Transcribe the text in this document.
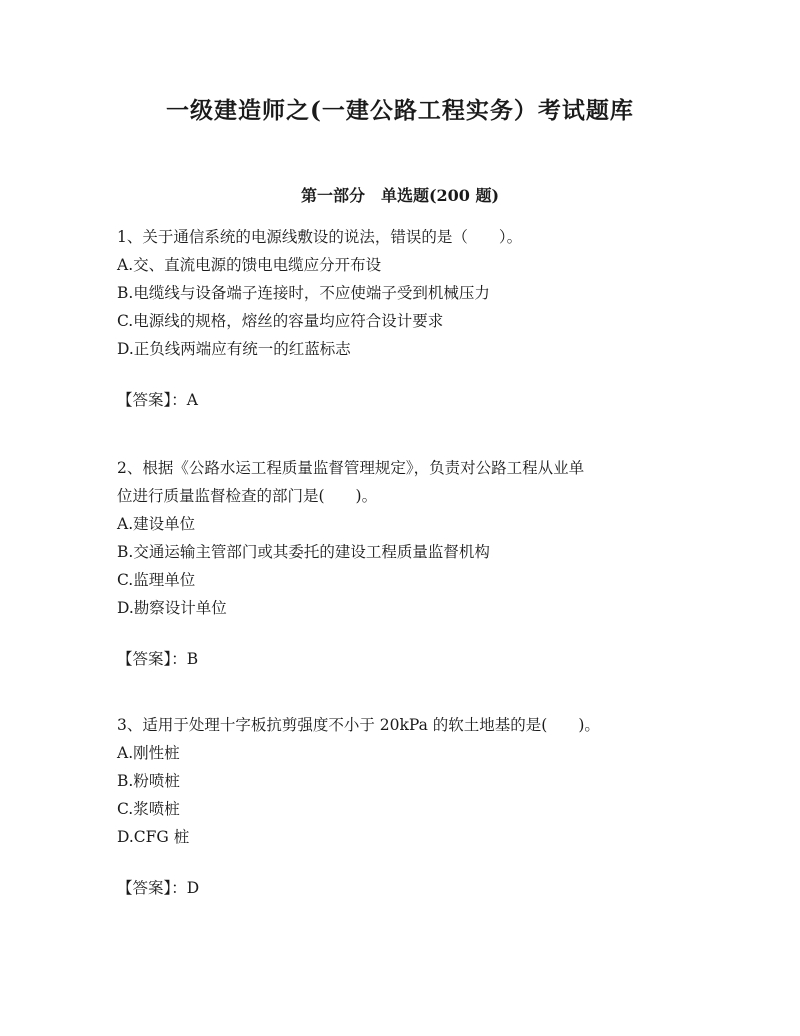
一级建造师之(一建公路工程实务）考试题库
第一部分　单选题(200 题)
1、关于通信系统的电源线敷设的说法，错误的是（　　）。
A.交、直流电源的馈电电缆应分开布设
B.电缆线与设备端子连接时，不应使端子受到机械压力
C.电源线的规格，熔丝的容量均应符合设计要求
D.正负线两端应有统一的红蓝标志
【答案】：A
2、根据《公路水运工程质量监督管理规定》，负责对公路工程从业单
位进行质量监督检查的部门是(　　)。
A.建设单位
B.交通运输主管部门或其委托的建设工程质量监督机构
C.监理单位
D.勘察设计单位
【答案】：B
3、适用于处理十字板抗剪强度不小于 20kPa 的软土地基的是(　　)。
A.刚性桩
B.粉喷桩
C.浆喷桩
D.CFG 桩
【答案】：D
